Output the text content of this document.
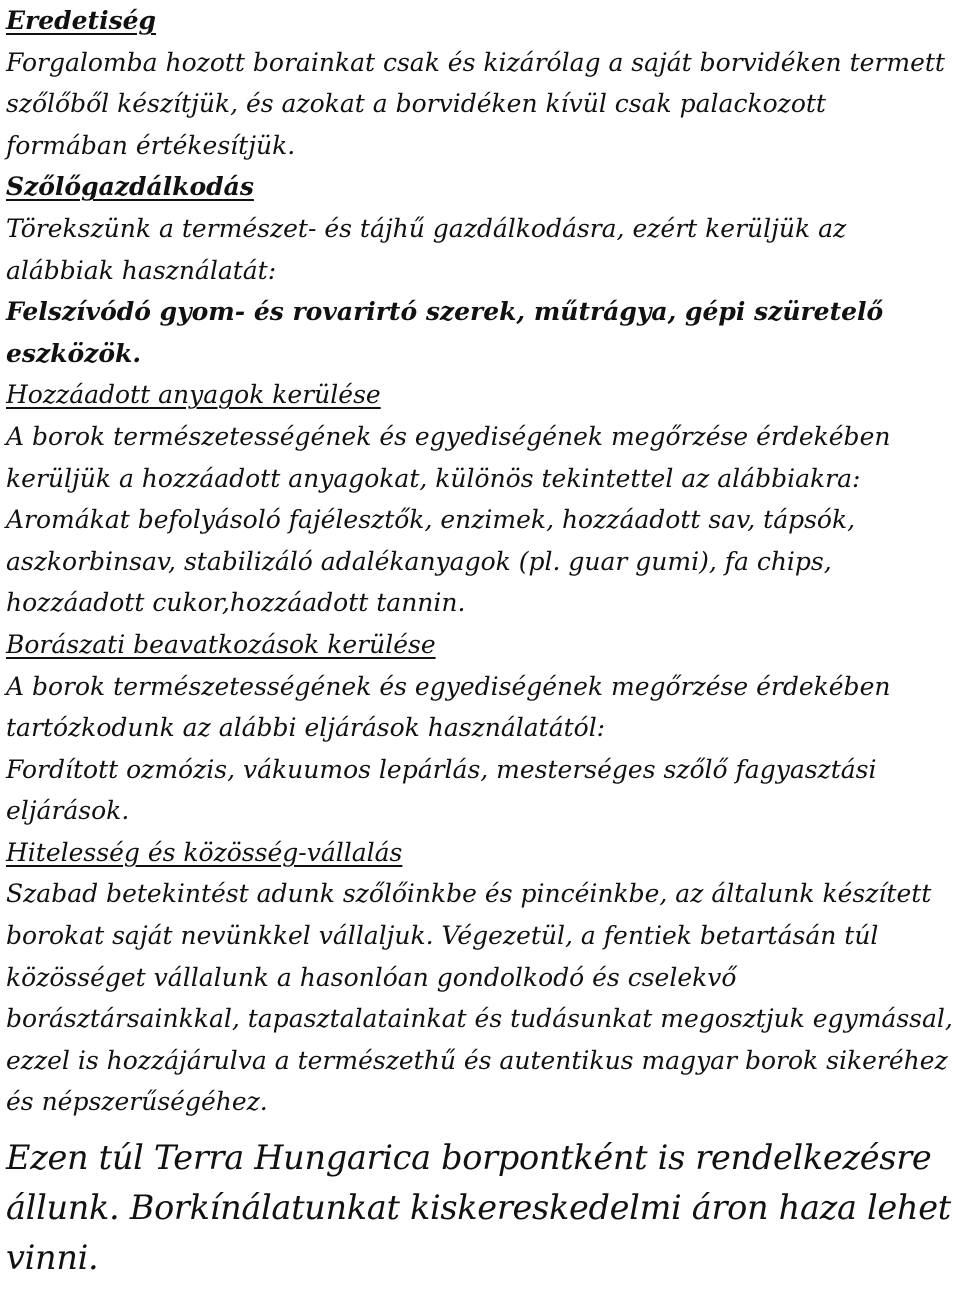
Eredetiség
Forgalomba hozott borainkat csak és kizárólag a saját borvidéken termett szőlőből készítjük, és azokat a borvidéken kívül csak palackozott formában értékesítjük.
Szőlőgazdálkodás
Törekszünk a természet- és tájhű gazdálkodásra, ezért kerüljük az alábbiak használatát:
Felszívódó gyom- és rovarirtó szerek, műtrágya, gépi szüretelő eszközök.
Hozzáadott anyagok kerülése
A borok természetességének és egyediségének megőrzése érdekében kerüljük a hozzáadott anyagokat, különös tekintettel az alábbiakra:
Aromákat befolyásoló fajélesztők, enzimek, hozzáadott sav, tápsók, aszkorbinsav, stabilizáló adalékanyagok (pl. guar gumi), fa chips, hozzáadott cukor,hozzáadott tannin.
Borászati beavatkozások kerülése
A borok természetességének és egyediségének megőrzése érdekében tartózkodunk az alábbi eljárások használatától:
Fordított ozmózis, vákuumos lepárlás, mesterséges szőlő fagyasztási eljárások.
Hitelesség és közösség-vállalás
Szabad betekintést adunk szőlőinkbe és pincéinkbe, az általunk készített borokat saját nevünkkel vállaljuk. Végezetül, a fentiek betartásán túl közösséget vállalunk a hasonlóan gondolkodó és cselekvő borásztársainkkal, tapasztalatainkat és tudásunkat megosztjuk egymással, ezzel is hozzájárulva a természethű és autentikus magyar borok sikeréhez és népszerűségéhez.
Ezen túl Terra Hungarica borpontként is rendelkezésre állunk. Borkínálatunkat kiskereskedelmi áron haza lehet vinni.
